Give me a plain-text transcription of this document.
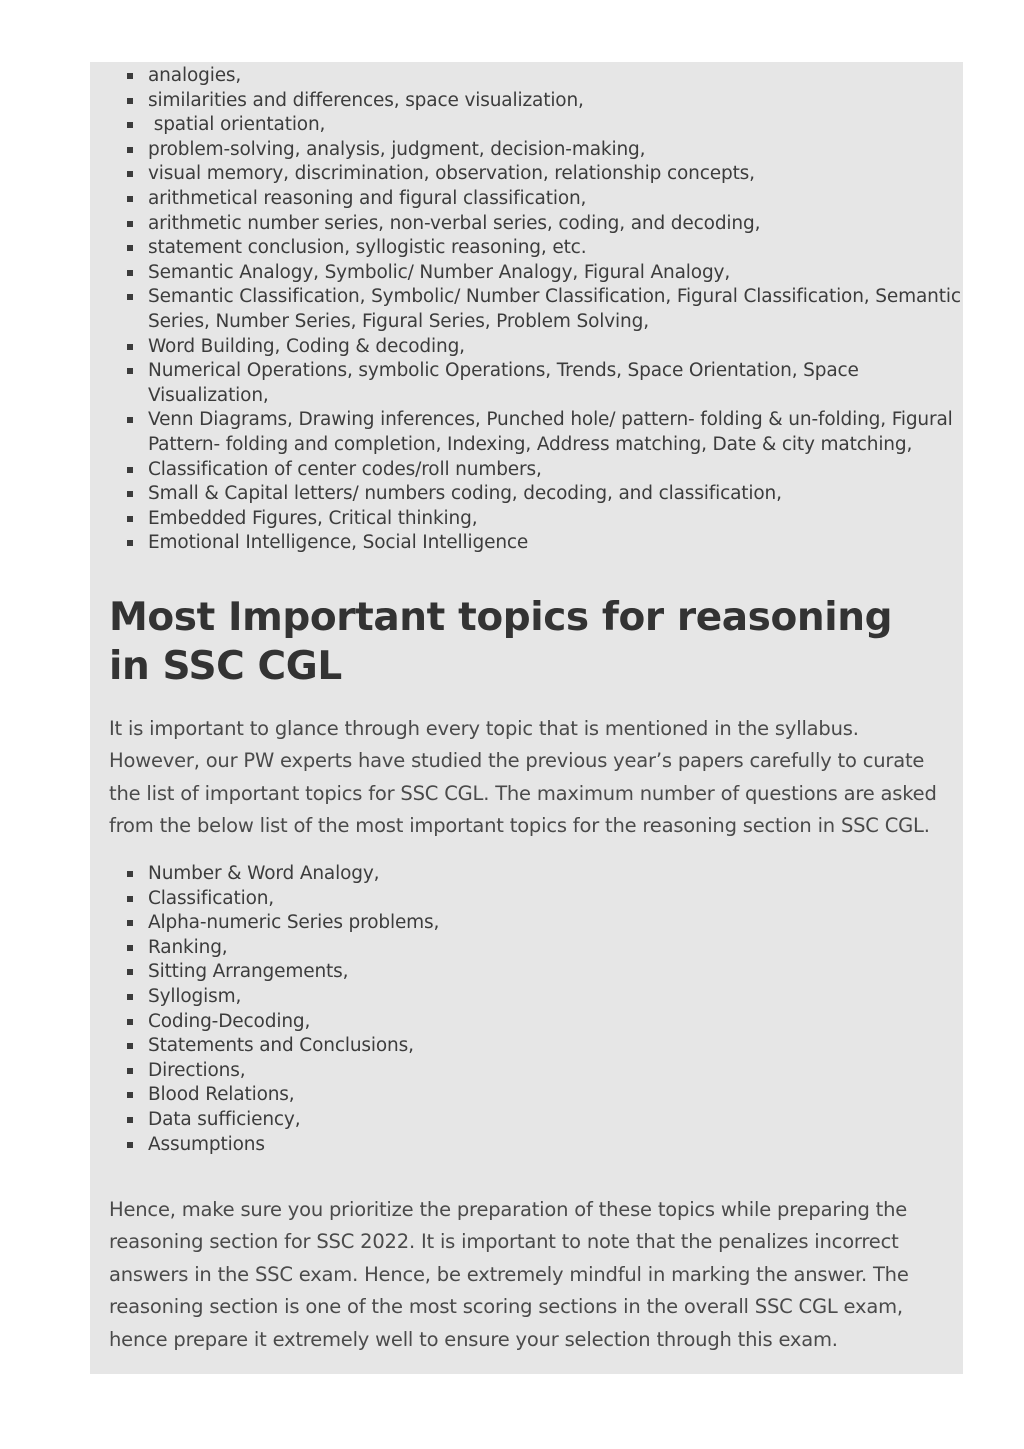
analogies,
similarities and differences, space visualization,
spatial orientation,
problem-solving, analysis, judgment, decision-making,
visual memory, discrimination, observation, relationship concepts,
arithmetical reasoning and figural classification,
arithmetic number series, non-verbal series, coding, and decoding,
statement conclusion, syllogistic reasoning, etc.
Semantic Analogy, Symbolic/ Number Analogy, Figural Analogy,
Semantic Classification, Symbolic/ Number Classification, Figural Classification, Semantic Series, Number Series, Figural Series, Problem Solving,
Word Building, Coding & decoding,
Numerical Operations, symbolic Operations, Trends, Space Orientation, Space Visualization,
Venn Diagrams, Drawing inferences, Punched hole/ pattern- folding & un-folding, Figural Pattern- folding and completion, Indexing, Address matching, Date & city matching,
Classification of center codes/roll numbers,
Small & Capital letters/ numbers coding, decoding, and classification,
Embedded Figures, Critical thinking,
Emotional Intelligence, Social Intelligence
Most Important topics for reasoning in SSC CGL

It is important to glance through every topic that is mentioned in the syllabus. However, our PW experts have studied the previous year’s papers carefully to curate the list of important topics for SSC CGL. The maximum number of questions are asked from the below list of the most important topics for the reasoning section in SSC CGL.

Number & Word Analogy,
Classification,
Alpha-numeric Series problems,
Ranking,
Sitting Arrangements,
Syllogism,
Coding-Decoding,
Statements and Conclusions,
Directions,
Blood Relations,
Data sufficiency,
Assumptions

Hence, make sure you prioritize the preparation of these topics while preparing the reasoning section for SSC 2022. It is important to note that the penalizes incorrect answers in the SSC exam. Hence, be extremely mindful in marking the answer. The reasoning section is one of the most scoring sections in the overall SSC CGL exam, hence prepare it extremely well to ensure your selection through this exam.
